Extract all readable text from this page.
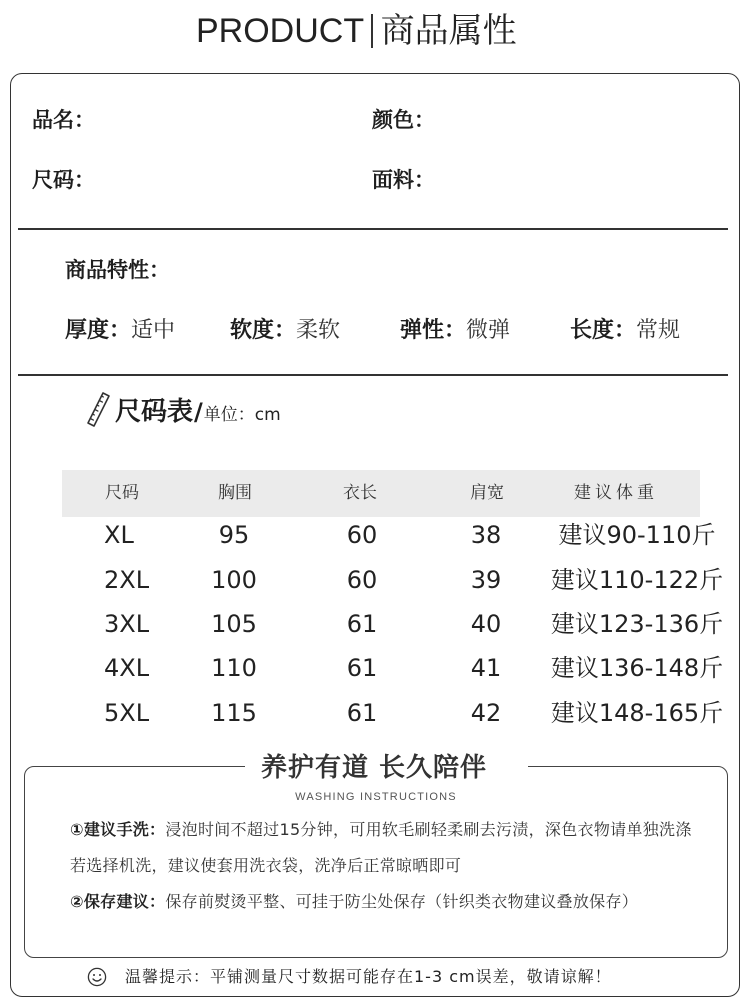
PRODUCT 商品属性
品名：	颜色：
尺码：	面料：
商品特性：
厚度：适中 软度：柔软	弹性：微弹	长度：常规
尺码表 / 单位：cm
尺码	胸围	衣长	肩宽	建议体重
XL	95	60	38	建议90-110斤
2XL	100	60	39	建议110-122斤
3XL	105	61	40	建议123-136斤
4XL	110	61	41	建议136-148斤
5XL	115	61	42	建议148-165斤
养护有道 长久陪伴
WASHING INSTRUCTIONS
①建议手洗：浸泡时间不超过15分钟，可用软毛刷轻柔刷去污渍，深色衣物请单独洗涤
若选择机洗，建议使套用洗衣袋，洗净后正常晾晒即可
②保存建议：保存前熨烫平整、可挂于防尘处保存（针织类衣物建议叠放保存）
温馨提示：平铺测量尺寸数据可能存在1-3 cm误差，敬请谅解！
